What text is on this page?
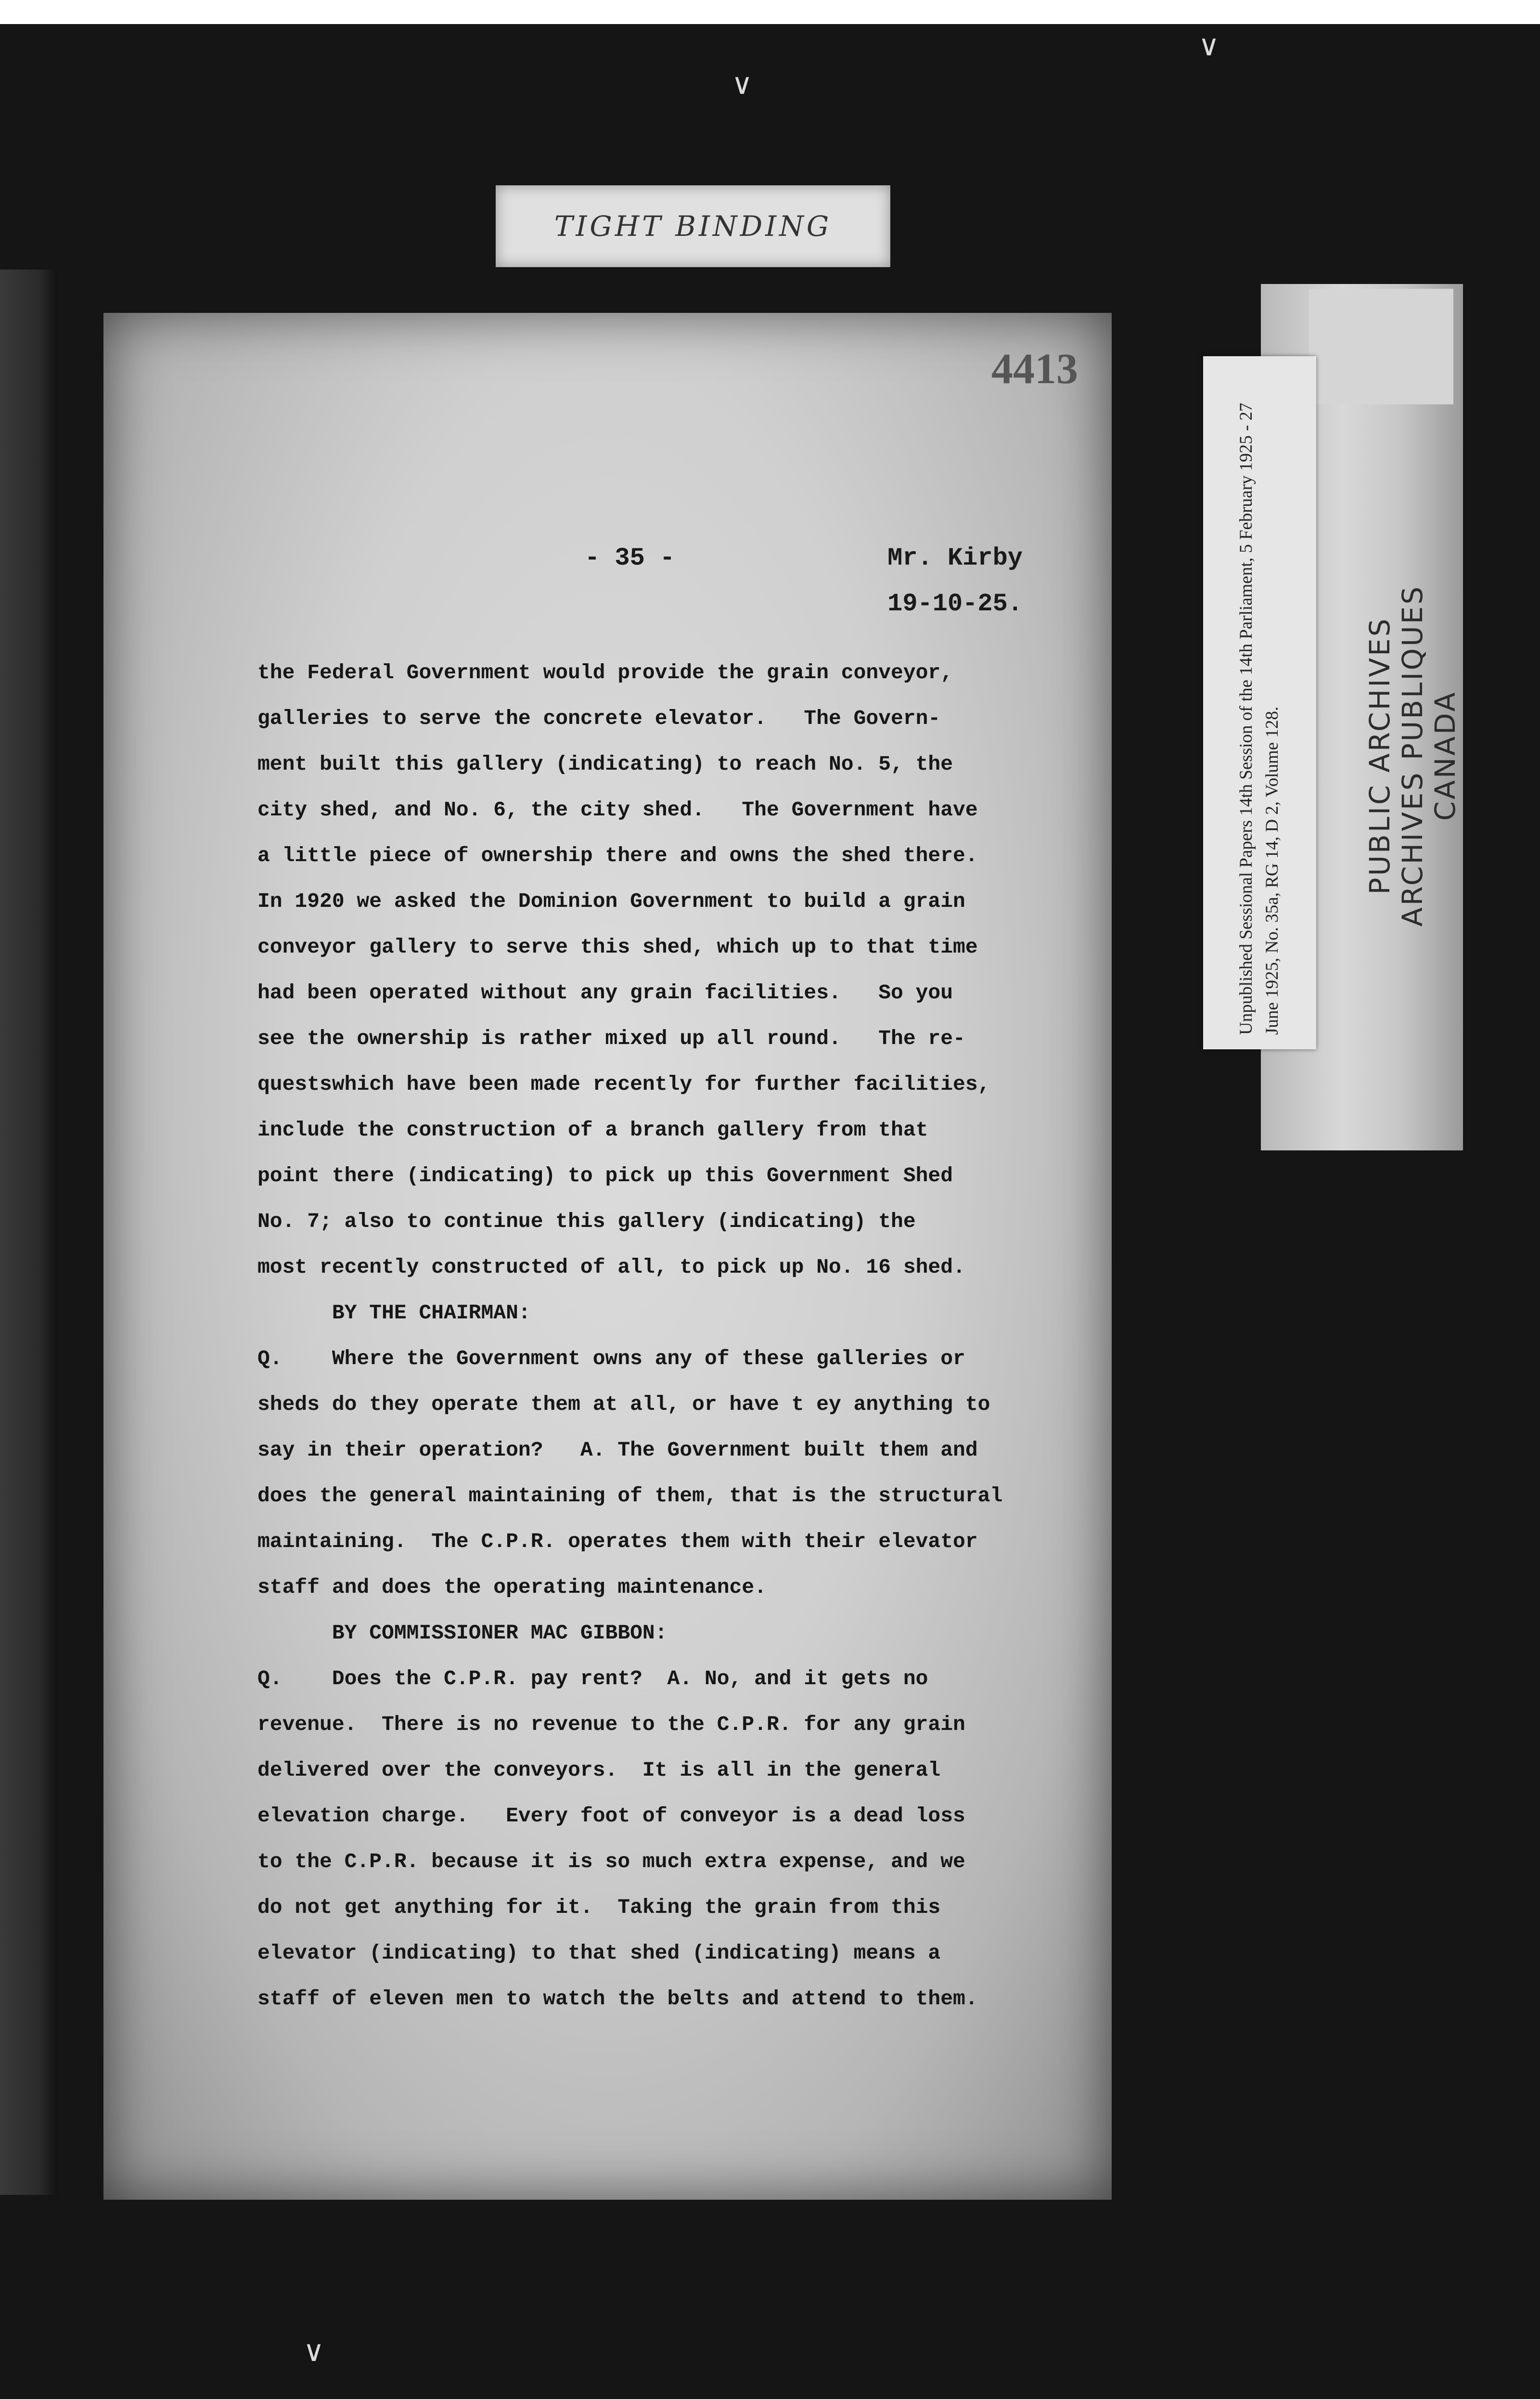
∨
∨
∨
TIGHT BINDING
4413
- 35 -	Mr. Kirby
19-10-25.
the Federal Government would provide the grain conveyor,
galleries to serve the concrete elevator.   The Govern-
ment built this gallery (indicating) to reach No. 5, the
city shed, and No. 6, the city shed.   The Government have
a little piece of ownership there and owns the shed there.
In 1920 we asked the Dominion Government to build a grain
conveyor gallery to serve this shed, which up to that time
had been operated without any grain facilities.   So you
see the ownership is rather mixed up all round.   The re-
questswhich have been made recently for further facilities,
include the construction of a branch gallery from that
point there (indicating) to pick up this Government Shed
No. 7; also to continue this gallery (indicating) the
most recently constructed of all, to pick up No. 16 shed.
BY THE CHAIRMAN:
Q.    Where the Government owns any of these galleries or
sheds do they operate them at all, or have t ey anything to
say in their operation?   A. The Government built them and
does the general maintaining of them, that is the structural
maintaining.  The C.P.R. operates them with their elevator
staff and does the operating maintenance.
BY COMMISSIONER MAC GIBBON:
Q.    Does the C.P.R. pay rent?  A. No, and it gets no
revenue.  There is no revenue to the C.P.R. for any grain
delivered over the conveyors.  It is all in the general
elevation charge.   Every foot of conveyor is a dead loss
to the C.P.R. because it is so much extra expense, and we
do not get anything for it.  Taking the grain from this
elevator (indicating) to that shed (indicating) means a
staff of eleven men to watch the belts and attend to them.
Unpublished Sessional Papers 14th Session of the 14th Parliament, 5 February 1925 - 27 June 1925, No. 35a, RG 14, D 2, Volume 128.	PUBLIC ARCHIVES ARCHIVES PUBLIQUES CANADA
